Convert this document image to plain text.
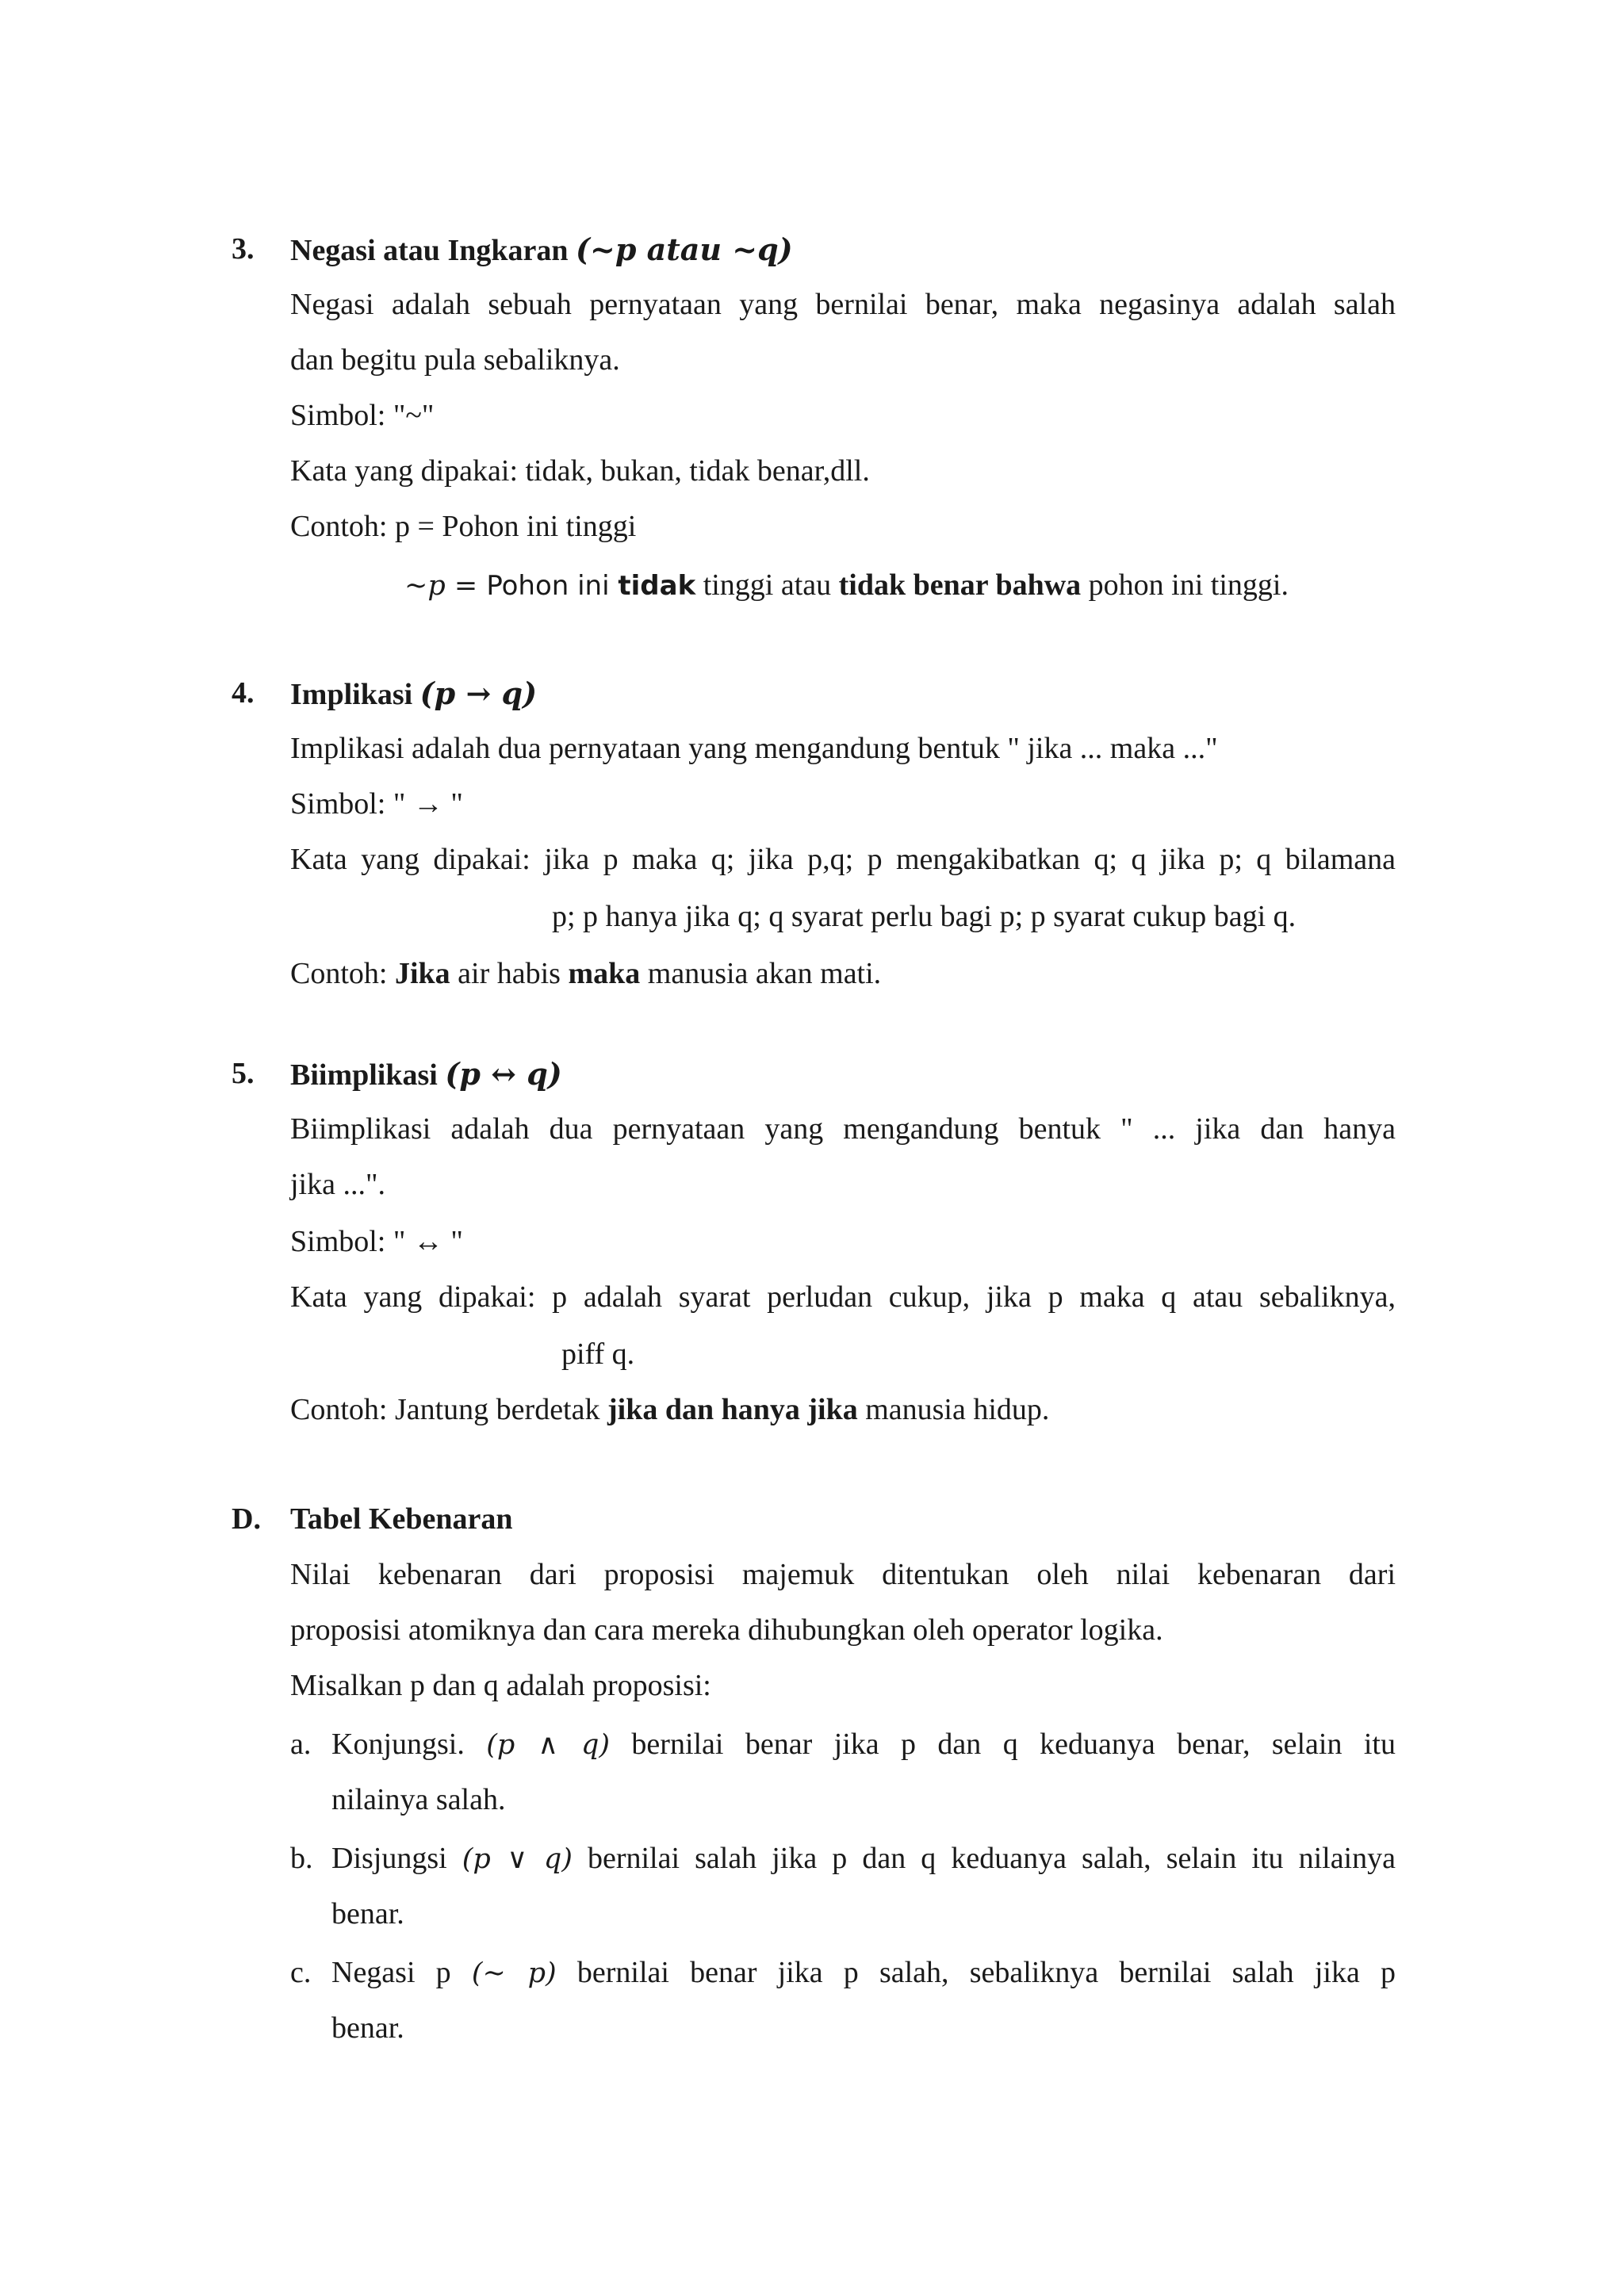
3. Negasi atau Ingkaran (~p atau ~q)
Negasi adalah sebuah pernyataan yang bernilai benar, maka negasinya adalah salah
dan begitu pula sebaliknya.
Simbol: "~"
Kata yang dipakai: tidak, bukan, tidak benar,dll.
Contoh: p = Pohon ini tinggi
~p = Pohon ini tidak tinggi atau tidak benar bahwa pohon ini tinggi.
4. Implikasi (p → q)
Implikasi adalah dua pernyataan yang mengandung bentuk " jika ... maka ..."
Simbol: " → "
Kata yang dipakai: jika p maka q; jika p,q; p mengakibatkan q; q jika p; q bilamana
p; p hanya jika q; q syarat perlu bagi p; p syarat cukup bagi q.
Contoh: Jika air habis maka manusia akan mati.
5. Biimplikasi (p ↔ q)
Biimplikasi adalah dua pernyataan yang mengandung bentuk " ... jika dan hanya
jika ...".
Simbol: " ↔ "
Kata yang dipakai: p adalah syarat perludan cukup, jika p maka q atau sebaliknya,
piff q.
Contoh: Jantung berdetak jika dan hanya jika manusia hidup.
D. Tabel Kebenaran
Nilai kebenaran dari proposisi majemuk ditentukan oleh nilai kebenaran dari
proposisi atomiknya dan cara mereka dihubungkan oleh operator logika.
Misalkan p dan q adalah proposisi:
a. Konjungsi. (p ∧ q) bernilai benar jika p dan q keduanya benar, selain itu
nilainya salah.
b. Disjungsi (p ∨ q) bernilai salah jika p dan q keduanya salah, selain itu nilainya
benar.
c. Negasi p (∼ p) bernilai benar jika p salah, sebaliknya bernilai salah jika p
benar.
